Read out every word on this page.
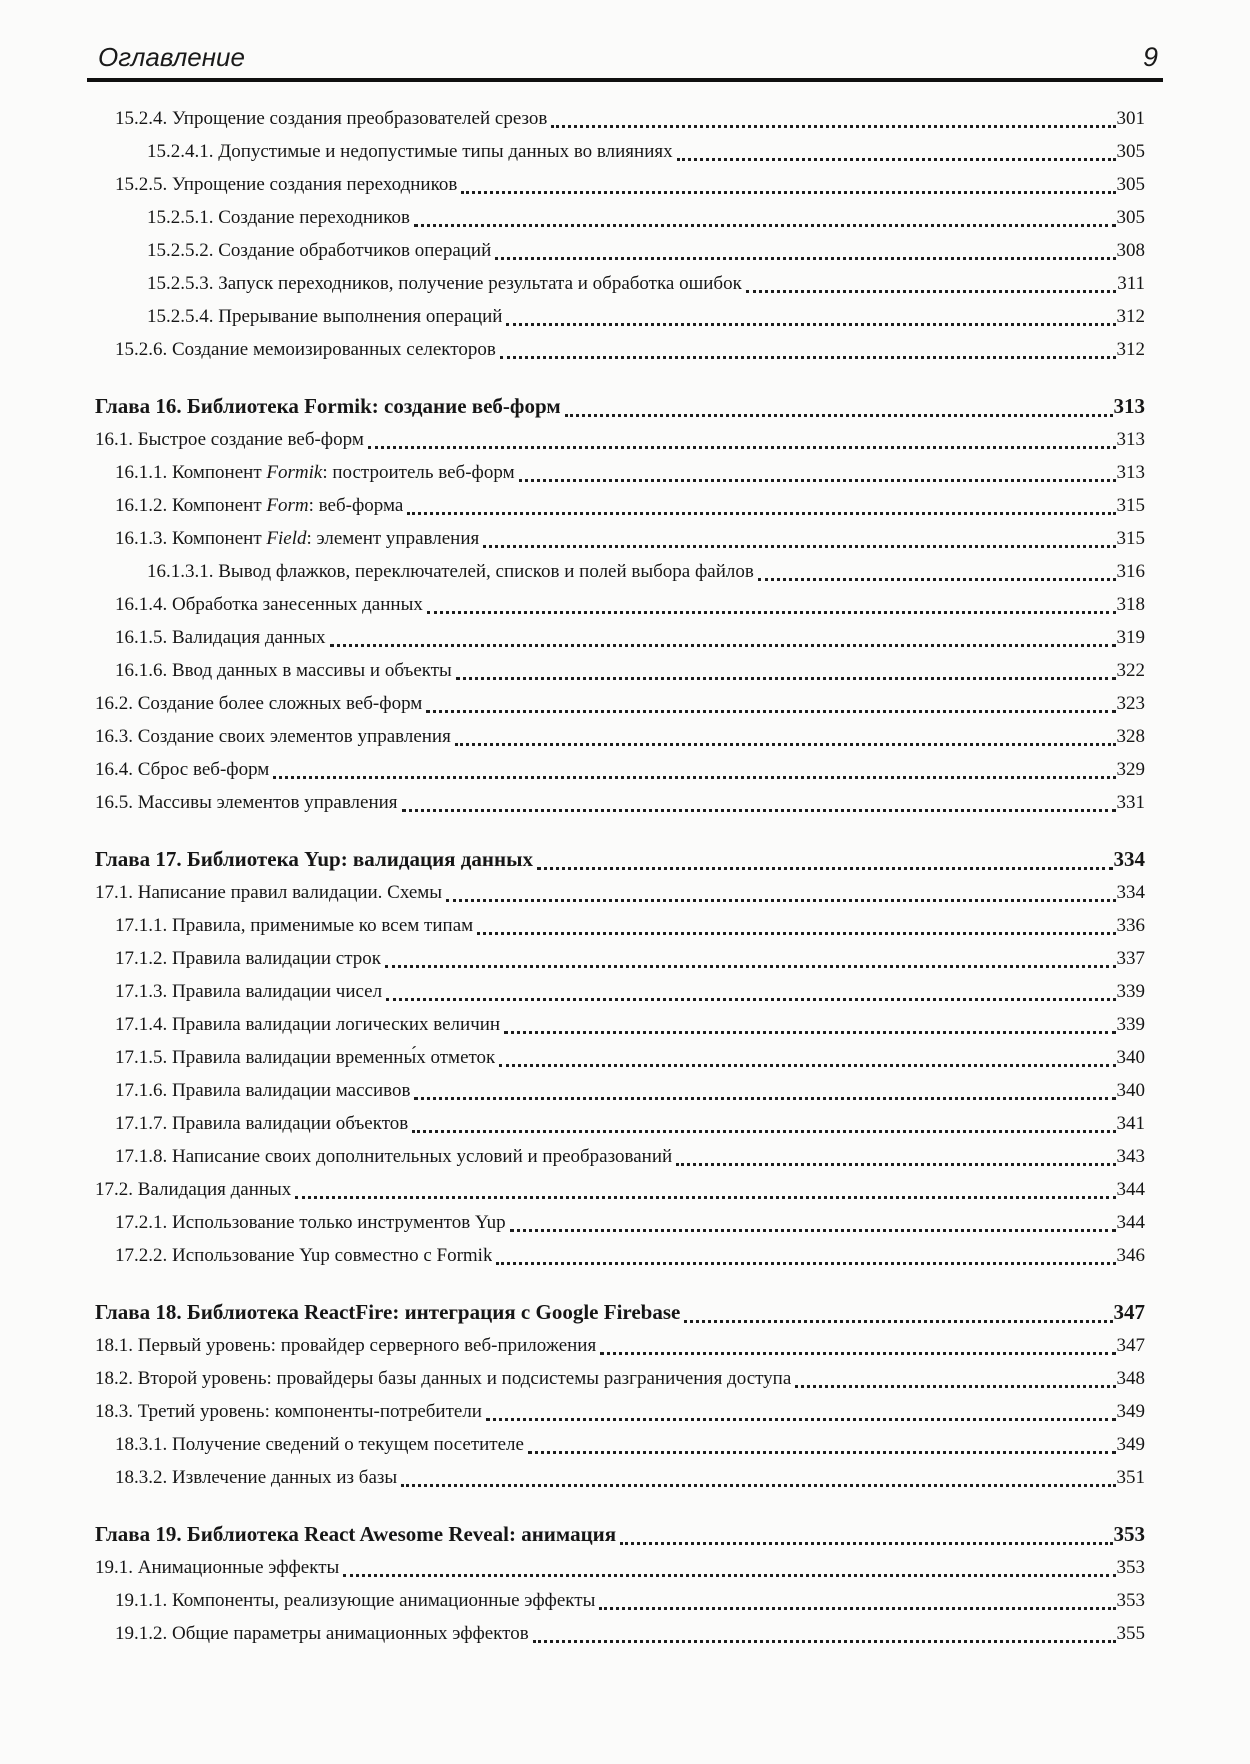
Оглавление	9
15.2.4. Упрощение создания преобразователей срезов	301
15.2.4.1. Допустимые и недопустимые типы данных во влияниях	305
15.2.5. Упрощение создания переходников	305
15.2.5.1. Создание переходников	305
15.2.5.2. Создание обработчиков операций	308
15.2.5.3. Запуск переходников, получение результата и обработка ошибок	311
15.2.5.4. Прерывание выполнения операций	312
15.2.6. Создание мемоизированных селекторов	312
Глава 16. Библиотека Formik: создание веб-форм	313
16.1. Быстрое создание веб-форм	313
16.1.1. Компонент Formik: построитель веб-форм	313
16.1.2. Компонент Form: веб-форма	315
16.1.3. Компонент Field: элемент управления	315
16.1.3.1. Вывод флажков, переключателей, списков и полей выбора файлов	316
16.1.4. Обработка занесенных данных	318
16.1.5. Валидация данных	319
16.1.6. Ввод данных в массивы и объекты	322
16.2. Создание более сложных веб-форм	323
16.3. Создание своих элементов управления	328
16.4. Сброс веб-форм	329
16.5. Массивы элементов управления	331
Глава 17. Библиотека Yup: валидация данных	334
17.1. Написание правил валидации. Схемы	334
17.1.1. Правила, применимые ко всем типам	336
17.1.2. Правила валидации строк	337
17.1.3. Правила валидации чисел	339
17.1.4. Правила валидации логических величин	339
17.1.5. Правила валидации временны́х отметок	340
17.1.6. Правила валидации массивов	340
17.1.7. Правила валидации объектов	341
17.1.8. Написание своих дополнительных условий и преобразований	343
17.2. Валидация данных	344
17.2.1. Использование только инструментов Yup	344
17.2.2. Использование Yup совместно с Formik	346
Глава 18. Библиотека ReactFire: интеграция с Google Firebase	347
18.1. Первый уровень: провайдер серверного веб-приложения	347
18.2. Второй уровень: провайдеры базы данных и подсистемы разграничения доступа	348
18.3. Третий уровень: компоненты-потребители	349
18.3.1. Получение сведений о текущем посетителе	349
18.3.2. Извлечение данных из базы	351
Глава 19. Библиотека React Awesome Reveal: анимация	353
19.1. Анимационные эффекты	353
19.1.1. Компоненты, реализующие анимационные эффекты	353
19.1.2. Общие параметры анимационных эффектов	355
